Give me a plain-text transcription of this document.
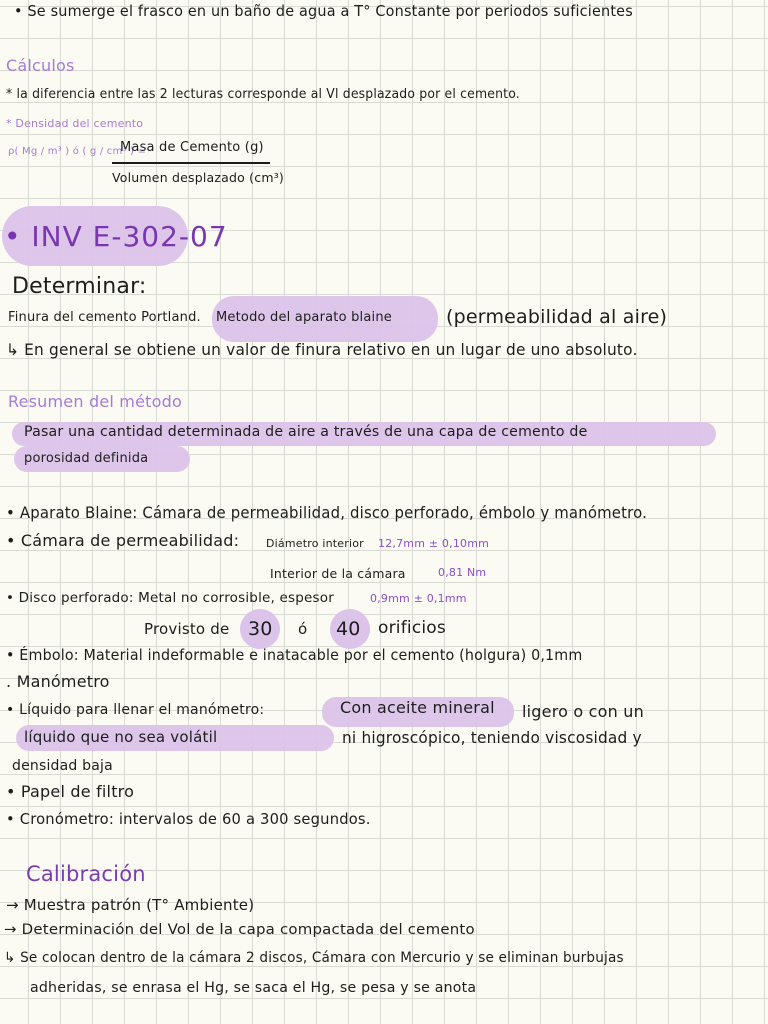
• Se sumerge el frasco en un baño de agua a T° Constante por periodos suficientes
Cálculos
* la diferencia entre las 2 lecturas corresponde al Vl desplazado por el cemento.
* Densidad del cemento
ρ( Mg / m³ ) ó ( g / cm³ ) =
Masa de Cemento (g)
Volumen desplazado (cm³)
• INV E-302-07
Determinar:
Finura del cemento Portland. Metodo del aparato blaine	(permeabilidad al aire)
↳ En general se obtiene un valor de finura relativo en un lugar de uno absoluto.
Resumen del método
Pasar una cantidad determinada de aire a través de una capa de cemento de
porosidad definida
• Aparato Blaine: Cámara de permeabilidad, disco perforado, émbolo y manómetro.
• Cámara de permeabilidad: Diámetro interior 12,7mm ± 0,10mm
Interior de la cámara	0,81 Nm
• Disco perforado: Metal no corrosible, espesor	0,9mm ± 0,1mm
Provisto de 30 ó 40 orificios
• Émbolo: Material indeformable e inatacable por el cemento (holgura) 0,1mm
. Manómetro
• Líquido para llenar el manómetro:	Con aceite mineral ligero o con un
líquido que no sea volátil	ni higroscópico, teniendo viscosidad y
densidad baja
• Papel de filtro
• Cronómetro: intervalos de 60 a 300 segundos.
Calibración
→ Muestra patrón (T° Ambiente)
→ Determinación del Vol de la capa compactada del cemento
↳ Se colocan dentro de la cámara 2 discos, Cámara con Mercurio y se eliminan burbujas
adheridas, se enrasa el Hg, se saca el Hg, se pesa y se anota
